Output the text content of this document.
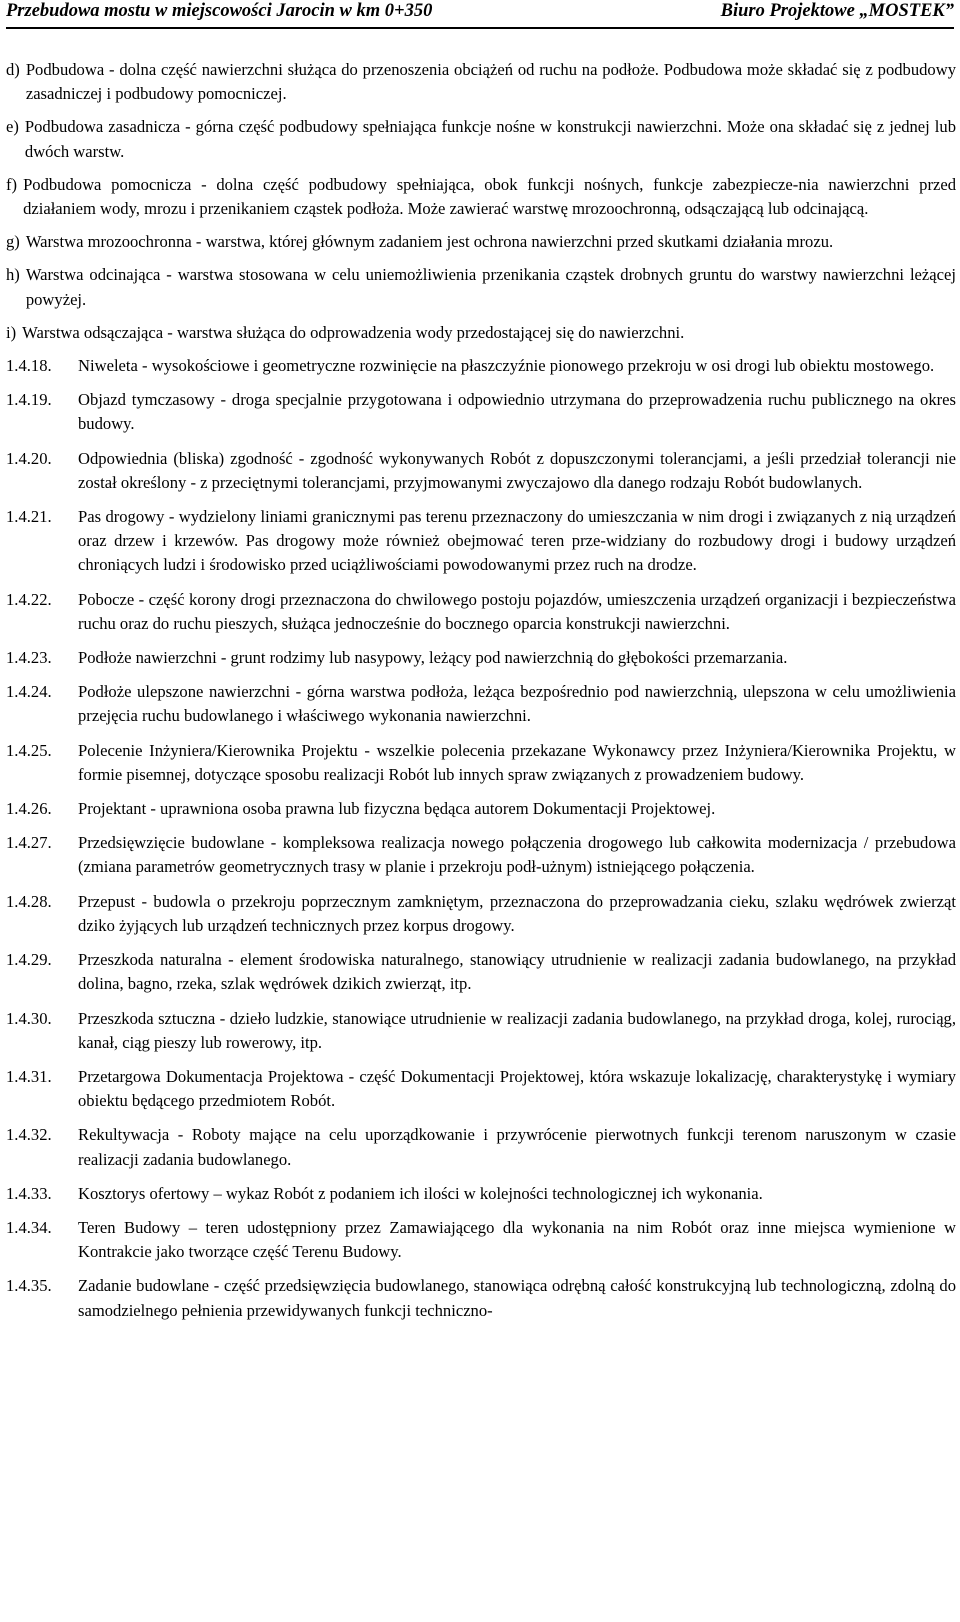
Przebudowa mostu w miejscowości Jarocin w km 0+350	Biuro Projektowe „MOSTEK”
d) Podbudowa - dolna część nawierzchni służąca do przenoszenia obciążeń od ruchu na podłoże. Podbudowa może składać się z podbudowy zasadniczej i podbudowy pomocniczej.
e) Podbudowa zasadnicza - górna część podbudowy spełniająca funkcje nośne w konstrukcji nawierzchni. Może ona składać się z jednej lub dwóch warstw.
f) Podbudowa pomocnicza - dolna część podbudowy spełniająca, obok funkcji nośnych, funkcje zabezpiecze-nia nawierzchni przed działaniem wody, mrozu i przenikaniem cząstek podłoża. Może zawierać warstwę mrozoochronną, odsączającą lub odcinającą.
g) Warstwa mrozoochronna - warstwa, której głównym zadaniem jest ochrona nawierzchni przed skutkami działania mrozu.
h) Warstwa odcinająca - warstwa stosowana w celu uniemożliwienia przenikania cząstek drobnych gruntu do warstwy nawierzchni leżącej powyżej.
i) Warstwa odsączająca - warstwa służąca do odprowadzenia wody przedostającej się do nawierzchni.
1.4.18.	Niweleta - wysokościowe i geometryczne rozwinięcie na płaszczyźnie pionowego przekroju w osi drogi lub obiektu mostowego.
1.4.19.	Objazd tymczasowy - droga specjalnie przygotowana i odpowiednio utrzymana do przeprowadzenia ruchu publicznego na okres budowy.
1.4.20.	Odpowiednia (bliska) zgodność - zgodność wykonywanych Robót z dopuszczonymi tolerancjami, a jeśli przedział tolerancji nie został określony - z przeciętnymi tolerancjami, przyjmowanymi zwyczajowo dla danego rodzaju Robót budowlanych.
1.4.21.	Pas drogowy - wydzielony liniami granicznymi pas terenu przeznaczony do umieszczania w nim drogi i związanych z nią urządzeń oraz drzew i krzewów. Pas drogowy może również obejmować teren prze-widziany do rozbudowy drogi i budowy urządzeń chroniących ludzi i środowisko przed uciążliwościami powodowanymi przez ruch na drodze.
1.4.22.	Pobocze - część korony drogi przeznaczona do chwilowego postoju pojazdów, umieszczenia urządzeń organizacji i bezpieczeństwa ruchu oraz do ruchu pieszych, służąca jednocześnie do bocznego oparcia konstrukcji nawierzchni.
1.4.23.	Podłoże nawierzchni - grunt rodzimy lub nasypowy, leżący pod nawierzchnią do głębokości przemarzania.
1.4.24.	Podłoże ulepszone nawierzchni - górna warstwa podłoża, leżąca bezpośrednio pod nawierzchnią, ulepszona w celu umożliwienia przejęcia ruchu budowlanego i właściwego wykonania nawierzchni.
1.4.25.	Polecenie Inżyniera/Kierownika Projektu - wszelkie polecenia przekazane Wykonawcy przez Inżyniera/Kierownika Projektu, w formie pisemnej, dotyczące sposobu realizacji Robót lub innych spraw związanych z prowadzeniem budowy.
1.4.26.	Projektant - uprawniona osoba prawna lub fizyczna będąca autorem Dokumentacji Projektowej.
1.4.27.	Przedsięwzięcie budowlane - kompleksowa realizacja nowego połączenia drogowego lub całkowita modernizacja / przebudowa (zmiana parametrów geometrycznych trasy w planie i przekroju podł-użnym) istniejącego połączenia.
1.4.28.	Przepust - budowla o przekroju poprzecznym zamkniętym, przeznaczona do przeprowadzania cieku, szlaku wędrówek zwierząt dziko żyjących lub urządzeń technicznych przez korpus drogowy.
1.4.29.	Przeszkoda naturalna - element środowiska naturalnego, stanowiący utrudnienie w realizacji zadania budowlanego, na przykład dolina, bagno, rzeka, szlak wędrówek dzikich zwierząt, itp.
1.4.30.	Przeszkoda sztuczna - dzieło ludzkie, stanowiące utrudnienie w realizacji zadania budowlanego, na przykład droga, kolej, rurociąg, kanał, ciąg pieszy lub rowerowy, itp.
1.4.31.	Przetargowa Dokumentacja Projektowa - część Dokumentacji Projektowej, która wskazuje lokalizację, charakterystykę i wymiary obiektu będącego przedmiotem Robót.
1.4.32.	Rekultywacja - Roboty mające na celu uporządkowanie i przywrócenie pierwotnych funkcji terenom naruszonym w czasie realizacji zadania budowlanego.
1.4.33.	Kosztorys ofertowy – wykaz Robót z podaniem ich ilości w kolejności technologicznej ich wykonania.
1.4.34.	Teren Budowy – teren udostępniony przez Zamawiającego dla wykonania na nim Robót oraz inne miejsca wymienione w Kontrakcie jako tworzące część Terenu Budowy.
1.4.35.	Zadanie budowlane - część przedsięwzięcia budowlanego, stanowiąca odrębną całość konstrukcyjną lub technologiczną, zdolną do samodzielnego pełnienia przewidywanych funkcji techniczno-
